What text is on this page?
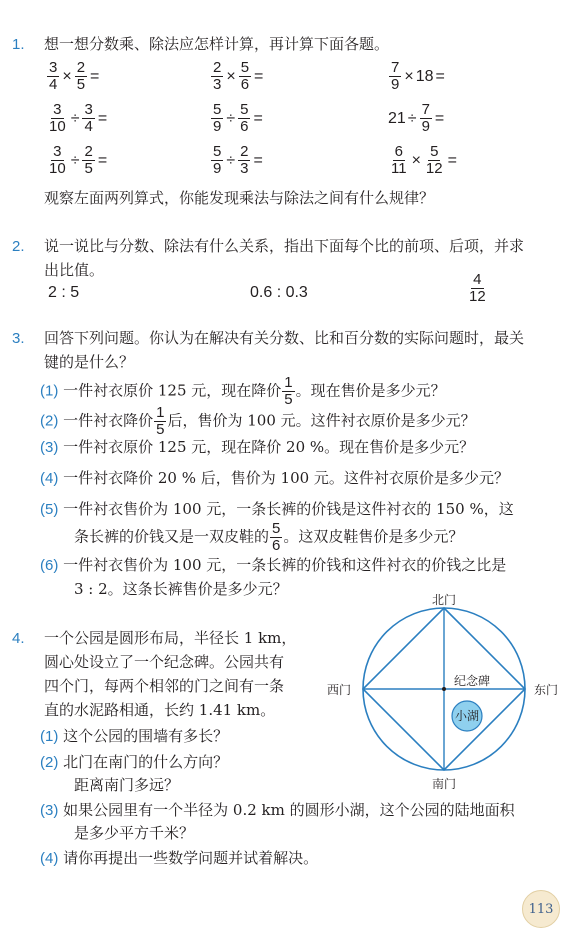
1. 想一想分数乘、除法应怎样计算，再计算下面各题。
$\frac{3}{4} \times \frac{2}{5}$ =	$\frac{2}{3} \times \frac{5}{6}$ =	$\frac{7}{9} \times 18$ =
$\frac{3}{10} \div \frac{3}{4}$ =	$\frac{5}{9} \div \frac{5}{6}$ =	$21 \div \frac{7}{9}$ =
$\frac{3}{10} \div \frac{2}{5}$ =	$\frac{5}{9} \div \frac{2}{3}$ =	$\frac{6}{11} \times \frac{5}{12}$ =
观察左面两列算式，你能发现乘法与除法之间有什么规律？
2. 说一说比与分数、除法有什么关系，指出下面每个比的前项、后项，并求
出比值。
2 : 5	0.6 : 0.3	$\frac{4}{12}$
3. 回答下列问题。你认为在解决有关分数、比和百分数的实际问题时，最关
键的是什么？
(1) 一件衬衣原价 125 元，现在降价 $\frac{1}{5}$ 。现在售价是多少元？
(2) 一件衬衣降价 $\frac{1}{5}$ 后，售价为 100 元。这件衬衣原价是多少元？
(3) 一件衬衣原价 125 元，现在降价 20 %。现在售价是多少元？
(4) 一件衬衣降价 20 % 后，售价为 100 元。这件衬衣原价是多少元？
(5) 一件衬衣售价为 100 元，一条长裤的价钱是这件衬衣的 150 %，这
条长裤的价钱又是一双皮鞋的 $\frac{5}{6}$ 。这双皮鞋售价是多少元？
(6) 一件衬衣售价为 100 元，一条长裤的价钱和这件衬衣的价钱之比是
3 : 2。这条长裤售价是多少元？
4. 一个公园是圆形布局，半径长 1 km，
圆心处设立了一个纪念碑。公园共有
四个门，每两个相邻的门之间有一条
直的水泥路相通，长约 1.41 km。
(1) 这个公园的围墙有多长？
(2) 北门在南门的什么方向？
距离南门多远？
(3) 如果公园里有一个半径为 0.2 km 的圆形小湖，这个公园的陆地面积
是多少平方千米？
(4) 请你再提出一些数学问题并试着解决。
北门
南门
西门	东门
纪念碑
小湖
113
